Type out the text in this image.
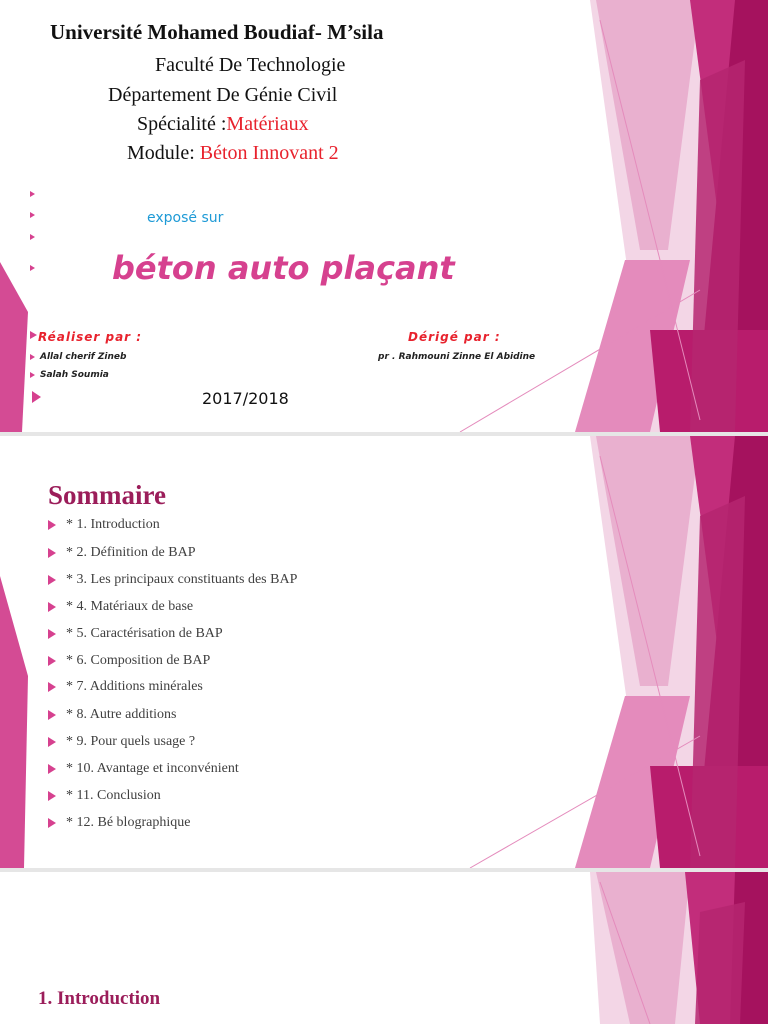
Université Mohamed Boudiaf- M’sila
Faculté De Technologie
Département De Génie Civil
Spécialité :Matériaux
Module: Béton Innovant 2
exposé sur
béton auto plaçant
Réaliser par :	Dérigé par :
Allal cherif Zineb	pr . Rahmouni Zinne El Abidine
Salah Soumia
2017/2018
Sommaire
* 1. Introduction
* 2. Définition de BAP
* 3. Les principaux constituants des BAP
* 4. Matériaux de base
* 5. Caractérisation de BAP
* 6. Composition de BAP
* 7. Additions minérales
* 8. Autre additions
* 9. Pour quels usage ?
* 10. Avantage et inconvénient
* 11. Conclusion
* 12. Bé blographique
1. Introduction
